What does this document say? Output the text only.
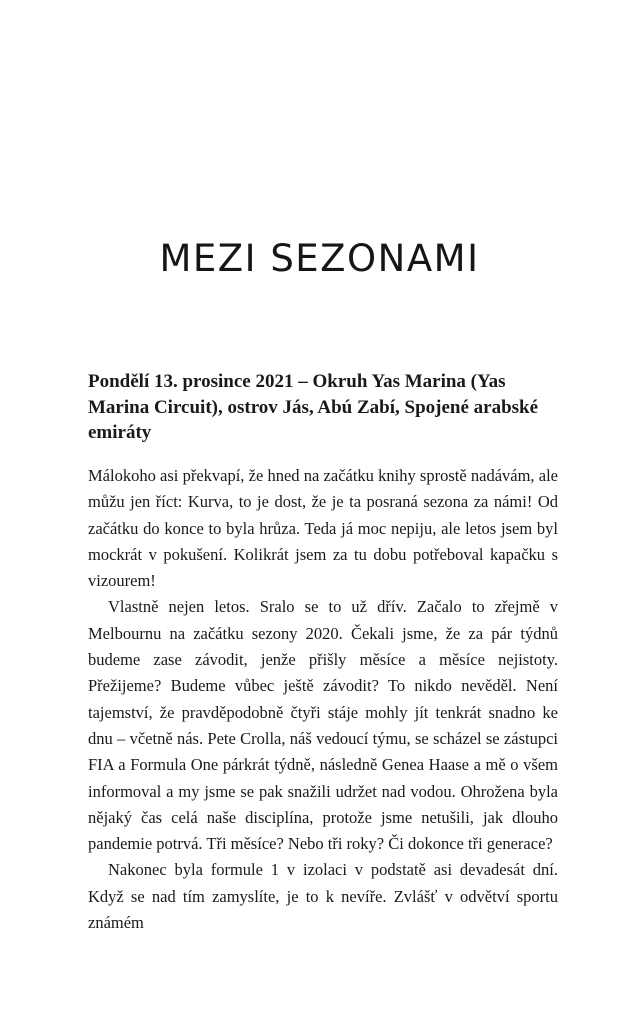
MEZI SEZONAMI
Pondělí 13. prosince 2021 – Okruh Yas Marina (Yas Marina Circuit), ostrov Jás, Abú Zabí, Spojené arabské emiráty

Málokoho asi překvapí, že hned na začátku knihy sprostě nadávám, ale můžu jen říct: Kurva, to je dost, že je ta posraná sezona za námi! Od začátku do konce to byla hrůza. Teda já moc nepiju, ale letos jsem byl mockrát v pokušení. Kolikrát jsem za tu dobu potřeboval kapačku s vizourem!

Vlastně nejen letos. Sralo se to už dřív. Začalo to zřejmě v Melbournu na začátku sezony 2020. Čekali jsme, že za pár týdnů budeme zase závodit, jenže přišly měsíce a měsíce nejistoty. Přežijeme? Budeme vůbec ještě závodit? To nikdo nevěděl. Není tajemství, že pravděpodobně čtyři stáje mohly jít tenkrát snadno ke dnu – včetně nás. Pete Crolla, náš vedoucí týmu, se scházel se zástupci FIA a Formula One párkrát týdně, následně Genea Haase a mě o všem informoval a my jsme se pak snažili udržet nad vodou. Ohrožena byla nějaký čas celá naše disciplína, protože jsme netušili, jak dlouho pandemie potrvá. Tři měsíce? Nebo tři roky? Či dokonce tři generace?

Nakonec byla formule 1 v izolaci v podstatě asi devadesát dní. Když se nad tím zamyslíte, je to k nevíře. Zvlášť v odvětví sportu známém
